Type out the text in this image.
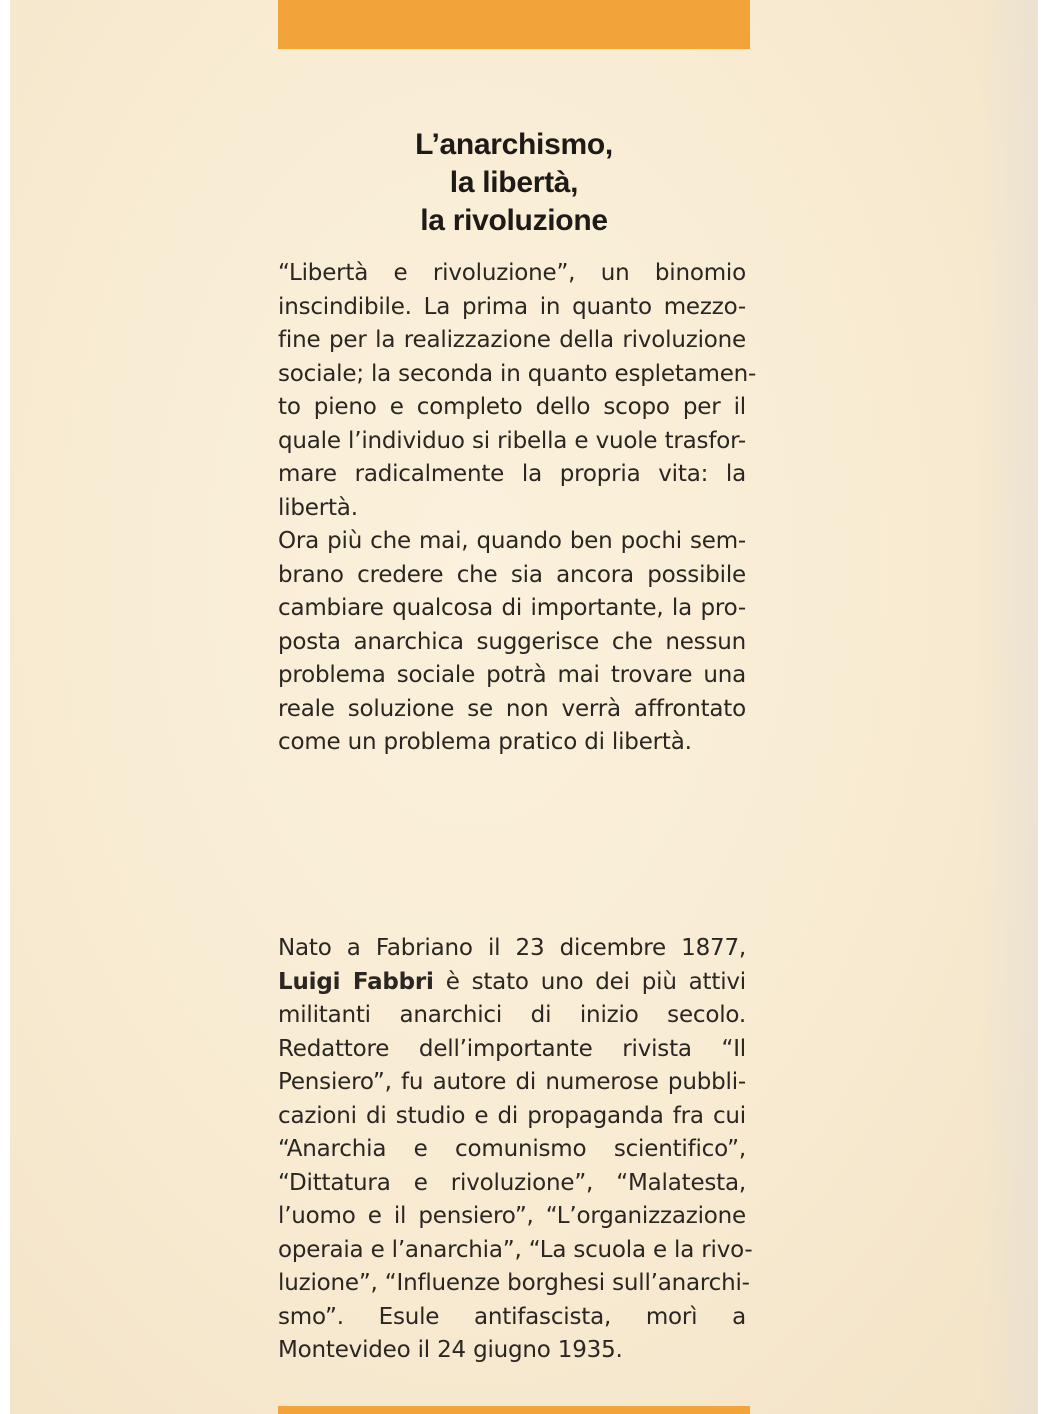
L’anarchismo,
la libertà,
la rivoluzione
“Libertà e rivoluzione”, un binomio
inscindibile. La prima in quanto mezzo-
fine per la realizzazione della rivoluzione
sociale; la seconda in quanto espletamen-
to pieno e completo dello scopo per il
quale l’individuo si ribella e vuole trasfor-
mare radicalmente la propria vita: la
libertà.
Ora più che mai, quando ben pochi sem-
brano credere che sia ancora possibile
cambiare qualcosa di importante, la pro-
posta anarchica suggerisce che nessun
problema sociale potrà mai trovare una
reale soluzione se non verrà affrontato
come un problema pratico di libertà.
Nato a Fabriano il 23 dicembre 1877,
Luigi Fabbri è stato uno dei più attivi
militanti anarchici di inizio secolo.
Redattore dell’importante rivista “Il
Pensiero”, fu autore di numerose pubbli-
cazioni di studio e di propaganda fra cui
“Anarchia e comunismo scientifico”,
“Dittatura e rivoluzione”, “Malatesta,
l’uomo e il pensiero”, “L’organizzazione
operaia e l’anarchia”, “La scuola e la rivo-
luzione”, “Influenze borghesi sull’anarchi-
smo”. Esule antifascista, morì a
Montevideo il 24 giugno 1935.
